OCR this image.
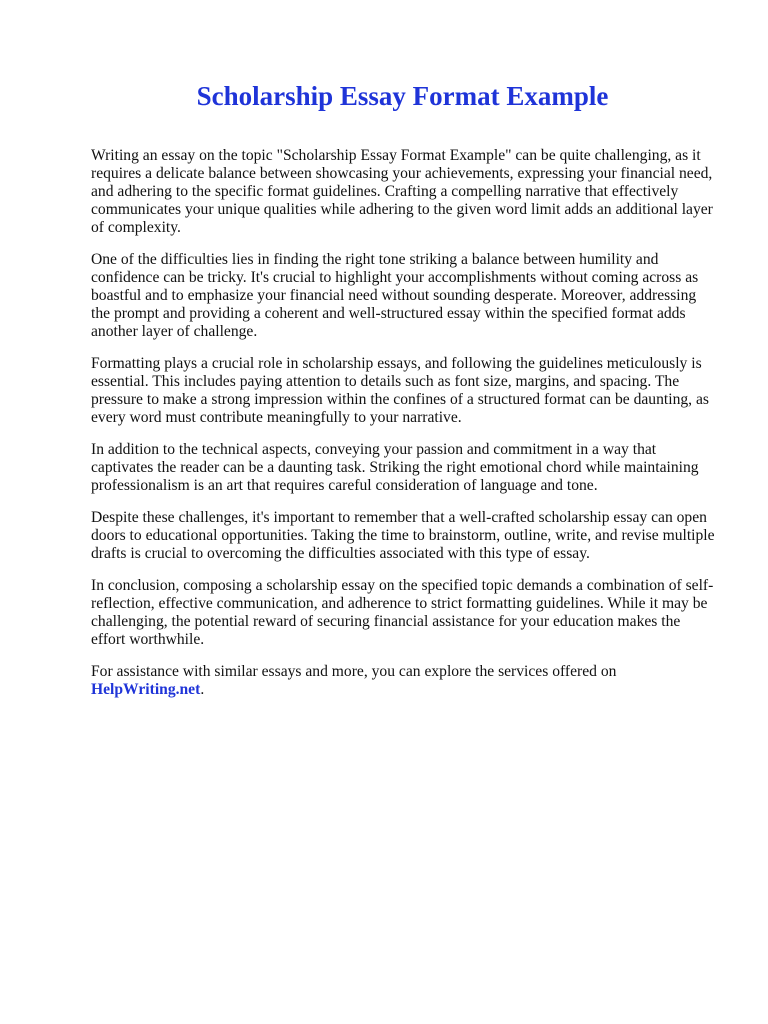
Scholarship Essay Format Example

Writing an essay on the topic "Scholarship Essay Format Example" can be quite challenging, as it requires a delicate balance between showcasing your achievements, expressing your financial need, and adhering to the specific format guidelines. Crafting a compelling narrative that effectively communicates your unique qualities while adhering to the given word limit adds an additional layer of complexity.

One of the difficulties lies in finding the right tone striking a balance between humility and confidence can be tricky. It's crucial to highlight your accomplishments without coming across as boastful and to emphasize your financial need without sounding desperate. Moreover, addressing the prompt and providing a coherent and well-structured essay within the specified format adds another layer of challenge.

Formatting plays a crucial role in scholarship essays, and following the guidelines meticulously is essential. This includes paying attention to details such as font size, margins, and spacing. The pressure to make a strong impression within the confines of a structured format can be daunting, as every word must contribute meaningfully to your narrative.

In addition to the technical aspects, conveying your passion and commitment in a way that captivates the reader can be a daunting task. Striking the right emotional chord while maintaining professionalism is an art that requires careful consideration of language and tone.

Despite these challenges, it's important to remember that a well-crafted scholarship essay can open doors to educational opportunities. Taking the time to brainstorm, outline, write, and revise multiple drafts is crucial to overcoming the difficulties associated with this type of essay.

In conclusion, composing a scholarship essay on the specified topic demands a combination of self-reflection, effective communication, and adherence to strict formatting guidelines. While it may be challenging, the potential reward of securing financial assistance for your education makes the effort worthwhile.

For assistance with similar essays and more, you can explore the services offered on
HelpWriting.net.
